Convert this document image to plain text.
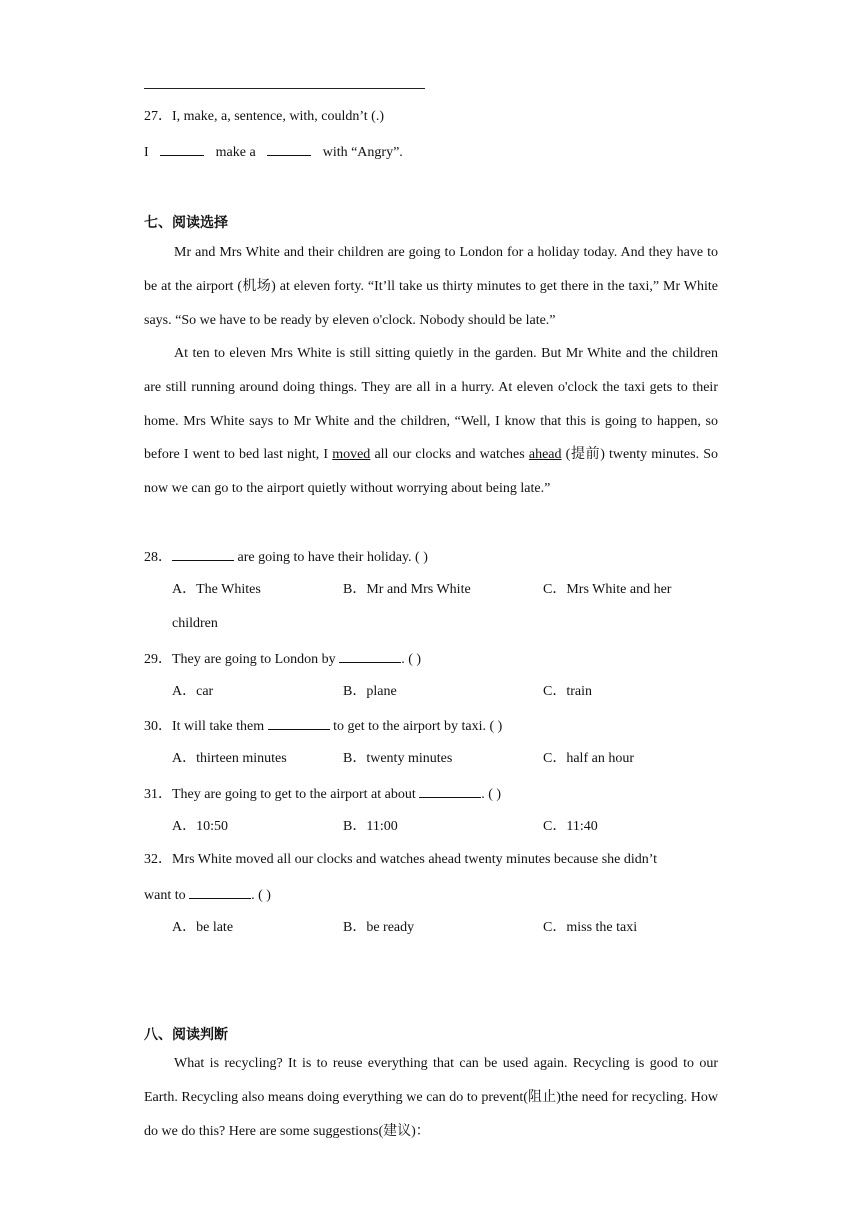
27．I, make, a, sentence, with, couldn’t (.)
I	make a	with “Angry”.
七、阅读选择
Mr and Mrs White and their children are going to London for a holiday today. And they have to be at the airport (机场) at eleven forty. “It’ll take us thirty minutes to get there in the taxi,” Mr White says. “So we have to be ready by eleven o'clock. Nobody should be late.”
At ten to eleven Mrs White is still sitting quietly in the garden. But Mr White and the children are still running around doing things. They are all in a hurry. At eleven o'clock the taxi gets to their home. Mrs White says to Mr White and the children, “Well, I know that this is going to happen, so before I went to bed last night, I moved all our clocks and watches ahead (提前) twenty minutes. So now we can go to the airport quietly without worrying about being late.”
28．	are going to have their holiday. ( )
A．The Whites	B．Mr and Mrs White	C．Mrs White and her
children
29．They are going to London by	. ( )
A．car	B．plane	C．train
30．It will take them	to get to the airport by taxi. ( )
A．thirteen minutes	B．twenty minutes	C．half an hour
31．They are going to get to the airport at about	. ( )
A．10:50	B．11:00	C．11:40
32．Mrs White moved all our clocks and watches ahead twenty minutes because she didn’t
want to	. ( )
A．be late	B．be ready	C．miss the taxi
八、阅读判断
What is recycling? It is to reuse everything that can be used again. Recycling is good to our Earth. Recycling also means doing everything we can do to prevent(阻止)the need for recycling. How do we do this? Here are some suggestions(建议)：
